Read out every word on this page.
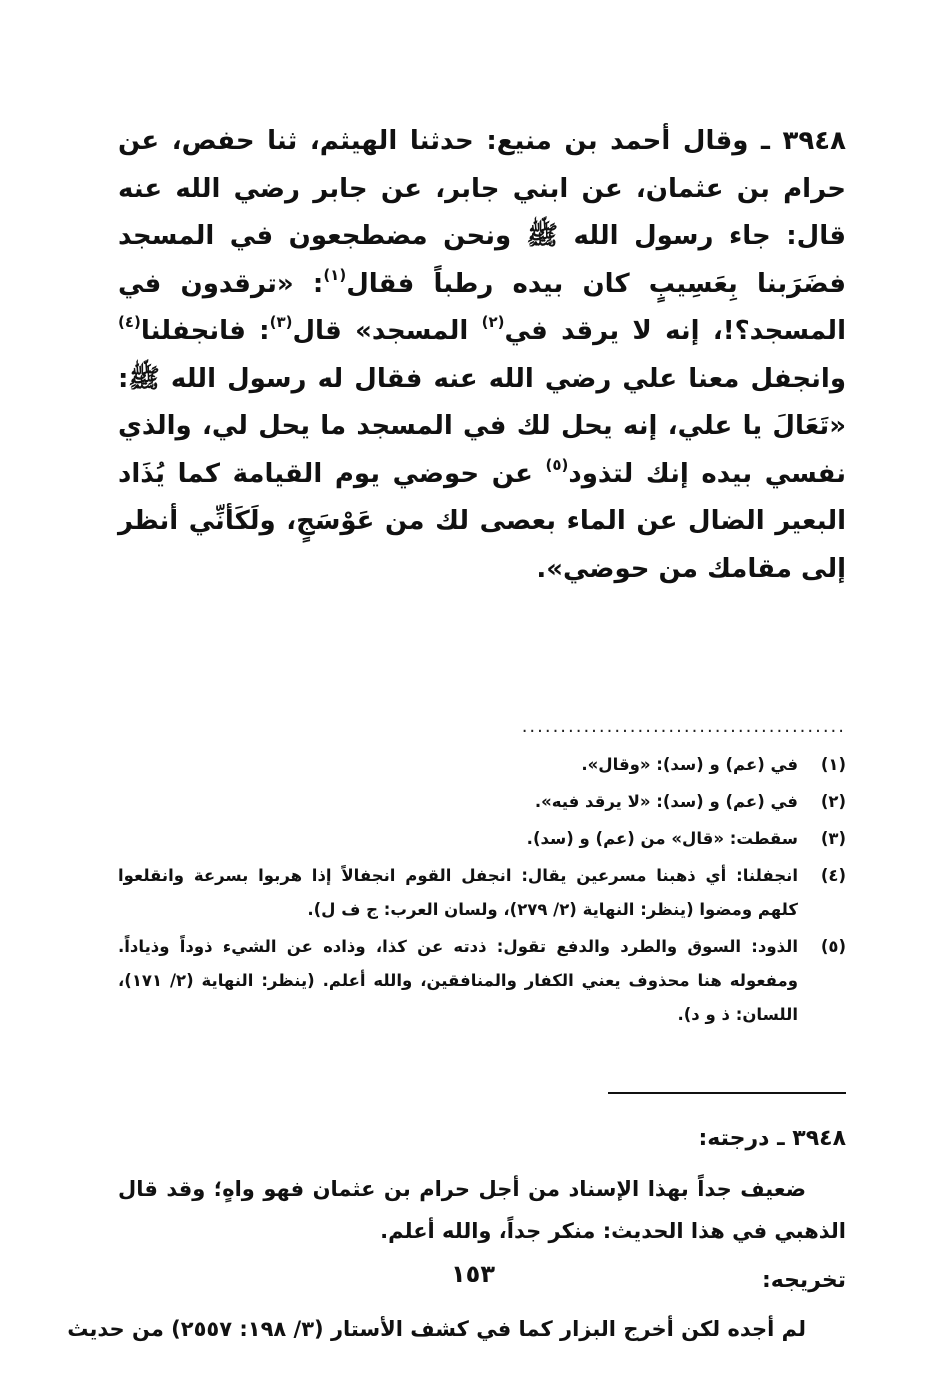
٣٩٤٨ ـ وقال أحمد بن منيع: حدثنا الهيثم، ثنا حفص، عن حرام بن عثمان، عن ابني جابر، عن جابر رضي الله عنه قال: جاء رسول الله ﷺ ونحن مضطجعون في المسجد فضَرَبنا بِعَسِيبٍ كان بيده رطباً فقال$^{(١)}$: «ترقدون في المسجد؟!، إنه لا يرقد في$^{(٢)}$ المسجد» قال$^{(٣)}$: فانجفلنا$^{(٤)}$ وانجفل معنا علي رضي الله عنه فقال له رسول الله ﷺ: «تَعَالَ يا علي، إنه يحل لك في المسجد ما يحل لي، والذي نفسي بيده إنك لتذود$^{(٥)}$ عن حوضي يوم القيامة كما يُذَاد البعير الضال عن الماء بعصى لك من عَوْسَجٍ، ولَكَأنِّي أنظر إلى مقامك من حوضي».

..........................................
(١)
في (عم) و (سد): «وقال».
(٢)
في (عم) و (سد): «لا يرقد فيه».
(٣)
سقطت: «قال» من (عم) و (سد).
(٤)
انجفلنا: أي ذهبنا مسرعين يقال: انجفل القوم انجفالاً إذا هربوا بسرعة وانقلعوا كلهم ومضوا (ينظر: النهاية (٢/ ٢٧٩)، ولسان العرب: ج ف ل).
(٥)
الذود: السوق والطرد والدفع تقول: ذدته عن كذا، وذاده عن الشيء ذوداً وذياداً. ومفعوله هنا محذوف يعني الكفار والمنافقين، والله أعلم. (ينظر: النهاية (٢/ ١٧١)، اللسان: ذ و د).
٣٩٤٨ ـ درجته:

ضعيف جداً بهذا الإسناد من أجل حرام بن عثمان فهو واهٍ؛ وقد قال الذهبي في هذا الحديث: منكر جداً، والله أعلم.

تخريجه:

لم أجده لكن أخرج البزار كما في كشف الأستار (٣/ ١٩٨: ٢٥٥٧) من حديث

١٥٣
